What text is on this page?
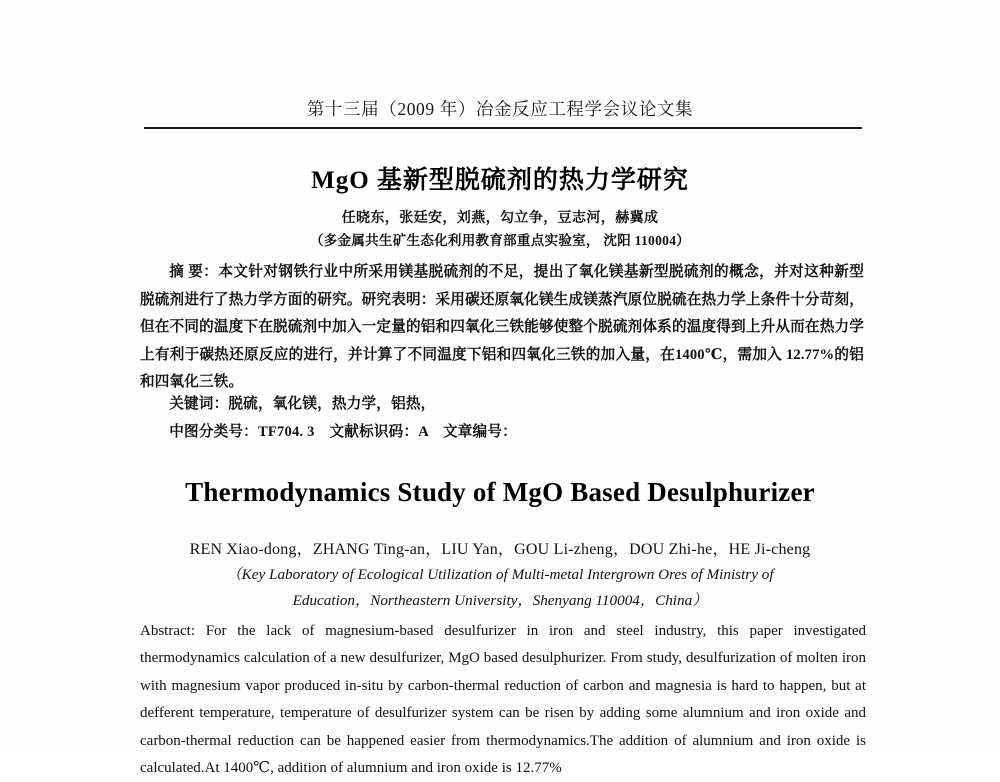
第十三届（2009 年）冶金反应工程学会议论文集
MgO 基新型脱硫剂的热力学研究
任晓东，张廷安，刘燕，勾立争，豆志河，赫冀成
（多金属共生矿生态化利用教育部重点实验室， 沈阳 110004）

摘 要：本文针对钢铁行业中所采用镁基脱硫剂的不足，提出了氧化镁基新型脱硫剂的概念，并对这种新型脱硫剂进行了热力学方面的研究。研究表明：采用碳还原氧化镁生成镁蒸汽原位脱硫在热力学上条件十分苛刻，但在不同的温度下在脱硫剂中加入一定量的铝和四氧化三铁能够使整个脱硫剂体系的温度得到上升从而在热力学上有利于碳热还原反应的进行，并计算了不同温度下铝和四氧化三铁的加入量，在1400℃，需加入 12.77%的铝和四氧化三铁。

关键词：脱硫，氧化镁，热力学，铝热，
中图分类号：TF704. 3　文献标识码：A　文章编号：
Thermodynamics Study of MgO Based Desulphurizer
REN Xiao-dong，ZHANG Ting-an，LIU Yan，GOU Li-zheng，DOU Zhi-he，HE Ji-cheng
（Key Laboratory of Ecological Utilization of Multi-metal Intergrown Ores of Ministry of
Education，Northeastern University，Shenyang 110004，China）

Abstract: For the lack of magnesium-based desulfurizer in iron and steel industry, this paper investigated thermodynamics calculation of a new desulfurizer, MgO based desulphurizer. From study, desulfurization of molten iron with magnesium vapor produced in-situ by carbon-thermal reduction of carbon and magnesia is hard to happen, but at defferent temperature, temperature of desulfurizer system can be risen by adding some alumnium and iron oxide and carbon-thermal reduction can be happened easier from thermodynamics.The addition of alumnium and iron oxide is calculated.At 1400℃, addition of alumnium and iron oxide is 12.77%
